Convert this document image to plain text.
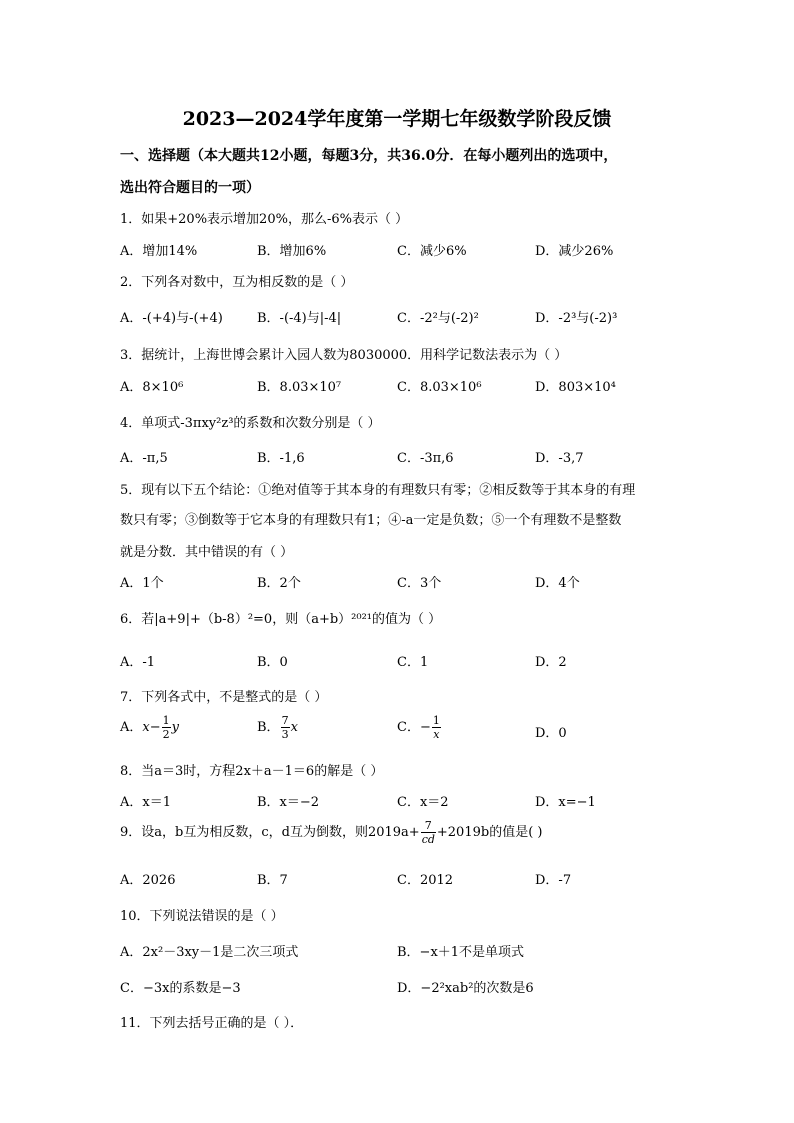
2023—2024学年度第一学期七年级数学阶段反馈
一、选择题（本大题共12小题，每题3分，共36.0分．在每小题列出的选项中，
选出符合题目的一项）
1．如果+20%表示增加20%，那么-6%表示（ ）
A．增加14%	B．增加6%	C．减少6%	D．减少26%
2．下列各对数中，互为相反数的是（ ）
A．-(+4)与-(+4)	B．-(-4)与|-4|	C．-2²与(-2)²	D．-2³与(-2)³
3．据统计，上海世博会累计入园人数为8030000．用科学记数法表示为（ ）
A．8×10⁶	B．8.03×10⁷	C．8.03×10⁶	D．803×10⁴
4．单项式-3πxy²z³的系数和次数分别是（ ）
A．-π,5	B．-1,6	C．-3π,6	D．-3,7
5．现有以下五个结论：①绝对值等于其本身的有理数只有零；②相反数等于其本身的有理
数只有零；③倒数等于它本身的有理数只有1；④-a一定是负数；⑤一个有理数不是整数
就是分数．其中错误的有（ ）
A．1个	B．2个	C．3个	D．4个
6．若|a+9|+（b-8）²=0，则（a+b）²⁰²¹的值为（ ）
A．-1	B．0	C．1	D．2
7．下列各式中，不是整式的是（ ）
A．$x- \frac{1}{2}$ y	B． $\frac{7}{3}$ x	C．− $\frac{1}{x}$	D．0
8．当a＝3时，方程2x＋a－1＝6的解是（ ）
A．x＝1	B．x＝−2	C．x＝2	D．x=−1
9．设a，b互为相反数，c，d互为倒数，则$2019a+ \frac{7}{cd} +2019b$的值是( )
A．2026	B．7	C．2012	D．-7
10．下列说法错误的是（ ）
A．2x²－3xy－1是二次三项式	B．−x＋1不是单项式
C．−3x的系数是−3	D．−2²xab²的次数是6
11．下列去括号正确的是（ ）．
